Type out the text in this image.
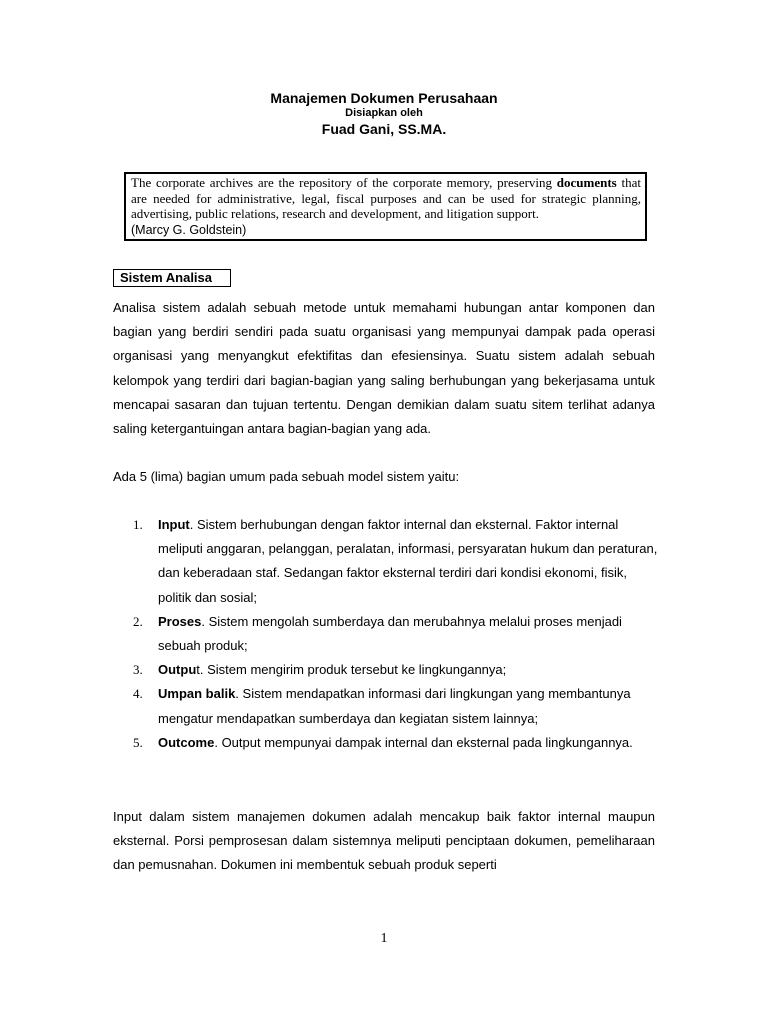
Manajemen Dokumen Perusahaan
Disiapkan oleh
Fuad Gani, SS.MA.
The corporate archives are the repository of the corporate memory, preserving documents that are needed for administrative, legal, fiscal purposes and can be used for strategic planning, advertising, public relations, research and development, and litigation support.
(Marcy G. Goldstein)
Sistem Analisa

Analisa sistem adalah sebuah metode untuk memahami hubungan antar komponen dan bagian yang berdiri sendiri pada suatu organisasi yang mempunyai dampak pada operasi organisasi yang menyangkut efektifitas dan efesiensinya. Suatu sistem adalah sebuah kelompok yang terdiri dari bagian-bagian yang saling berhubungan yang bekerjasama untuk mencapai sasaran dan tujuan tertentu. Dengan demikian dalam suatu sitem terlihat adanya saling ketergantuingan antara bagian-bagian yang ada.

Ada 5 (lima) bagian umum pada sebuah model sistem yaitu:

1. Input. Sistem berhubungan dengan faktor internal dan eksternal. Faktor internal meliputi anggaran, pelanggan, peralatan, informasi, persyaratan hukum dan peraturan, dan keberadaan staf. Sedangan faktor eksternal terdiri dari kondisi ekonomi, fisik, politik dan sosial;
2. Proses. Sistem mengolah sumberdaya dan merubahnya melalui proses menjadi sebuah produk;
3. Output. Sistem mengirim produk tersebut ke lingkungannya;
4. Umpan balik. Sistem mendapatkan informasi dari lingkungan yang membantunya mengatur mendapatkan sumberdaya dan kegiatan sistem lainnya;
5. Outcome. Output mempunyai dampak internal dan eksternal pada lingkungannya.

Input dalam sistem manajemen dokumen adalah mencakup baik faktor internal maupun eksternal. Porsi pemprosesan dalam sistemnya meliputi penciptaan dokumen, pemeliharaan dan pemusnahan. Dokumen ini membentuk sebuah produk seperti

1
